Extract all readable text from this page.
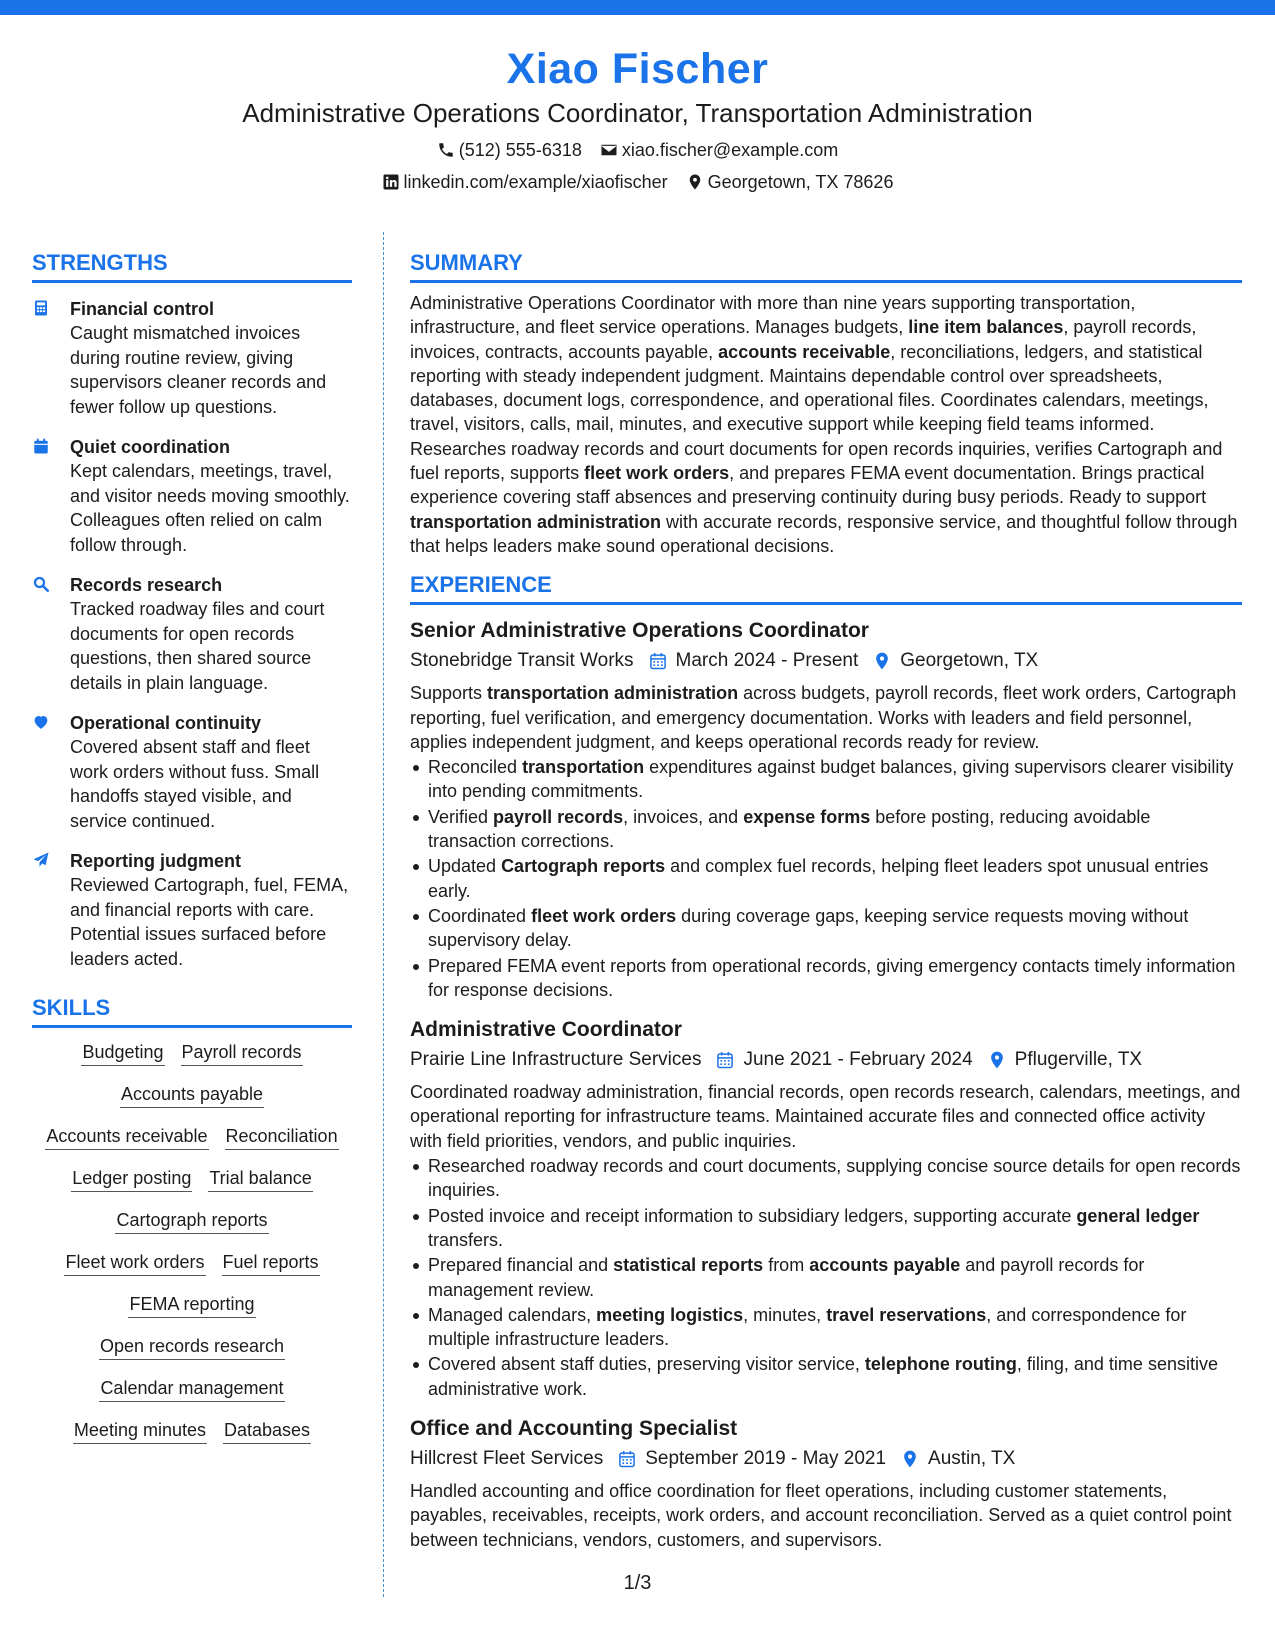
Xiao Fischer
Administrative Operations Coordinator, Transportation Administration
(512) 555-6318 xiao.fischer@example.com
linkedin.com/example/xiaofischer Georgetown, TX 78626
STRENGTHS
Financial control
Caught mismatched invoices during routine review, giving supervisors cleaner records and fewer follow up questions.
Quiet coordination
Kept calendars, meetings, travel, and visitor needs moving smoothly. Colleagues often relied on calm follow through.
Records research
Tracked roadway files and court documents for open records questions, then shared source details in plain language.
Operational continuity
Covered absent staff and fleet work orders without fuss. Small handoffs stayed visible, and service continued.
Reporting judgment
Reviewed Cartograph, fuel, FEMA, and financial reports with care. Potential issues surfaced before leaders acted.
SKILLS
Budgeting Payroll records
Accounts payable
Accounts receivable Reconciliation
Ledger posting Trial balance
Cartograph reports
Fleet work orders Fuel reports
FEMA reporting
Open records research
Calendar management
Meeting minutes Databases
SUMMARY
Administrative Operations Coordinator with more than nine years supporting transportation, infrastructure, and fleet service operations. Manages budgets, line item balances, payroll records, invoices, contracts, accounts payable, accounts receivable, reconciliations, ledgers, and statistical reporting with steady independent judgment. Maintains dependable control over spreadsheets, databases, document logs, correspondence, and operational files. Coordinates calendars, meetings, travel, visitors, calls, mail, minutes, and executive support while keeping field teams informed. Researches roadway records and court documents for open records inquiries, verifies Cartograph and fuel reports, supports fleet work orders, and prepares FEMA event documentation. Brings practical experience covering staff absences and preserving continuity during busy periods. Ready to support transportation administration with accurate records, responsive service, and thoughtful follow through that helps leaders make sound operational decisions.
EXPERIENCE
Senior Administrative Operations Coordinator
Stonebridge Transit Works March 2024 - Present Georgetown, TX
Supports transportation administration across budgets, payroll records, fleet work orders, Cartograph reporting, fuel verification, and emergency documentation. Works with leaders and field personnel, applies independent judgment, and keeps operational records ready for review.
Reconciled transportation expenditures against budget balances, giving supervisors clearer visibility into pending commitments.
Verified payroll records, invoices, and expense forms before posting, reducing avoidable transaction corrections.
Updated Cartograph reports and complex fuel records, helping fleet leaders spot unusual entries early.
Coordinated fleet work orders during coverage gaps, keeping service requests moving without supervisory delay.
Prepared FEMA event reports from operational records, giving emergency contacts timely information for response decisions.
Administrative Coordinator
Prairie Line Infrastructure Services June 2021 - February 2024 Pflugerville, TX
Coordinated roadway administration, financial records, open records research, calendars, meetings, and operational reporting for infrastructure teams. Maintained accurate files and connected office activity with field priorities, vendors, and public inquiries.
Researched roadway records and court documents, supplying concise source details for open records inquiries.
Posted invoice and receipt information to subsidiary ledgers, supporting accurate general ledger transfers.
Prepared financial and statistical reports from accounts payable and payroll records for management review.
Managed calendars, meeting logistics, minutes, travel reservations, and correspondence for multiple infrastructure leaders.
Covered absent staff duties, preserving visitor service, telephone routing, filing, and time sensitive administrative work.
Office and Accounting Specialist
Hillcrest Fleet Services September 2019 - May 2021 Austin, TX
Handled accounting and office coordination for fleet operations, including customer statements, payables, receivables, receipts, work orders, and account reconciliation. Served as a quiet control point between technicians, vendors, customers, and supervisors.
1/3
